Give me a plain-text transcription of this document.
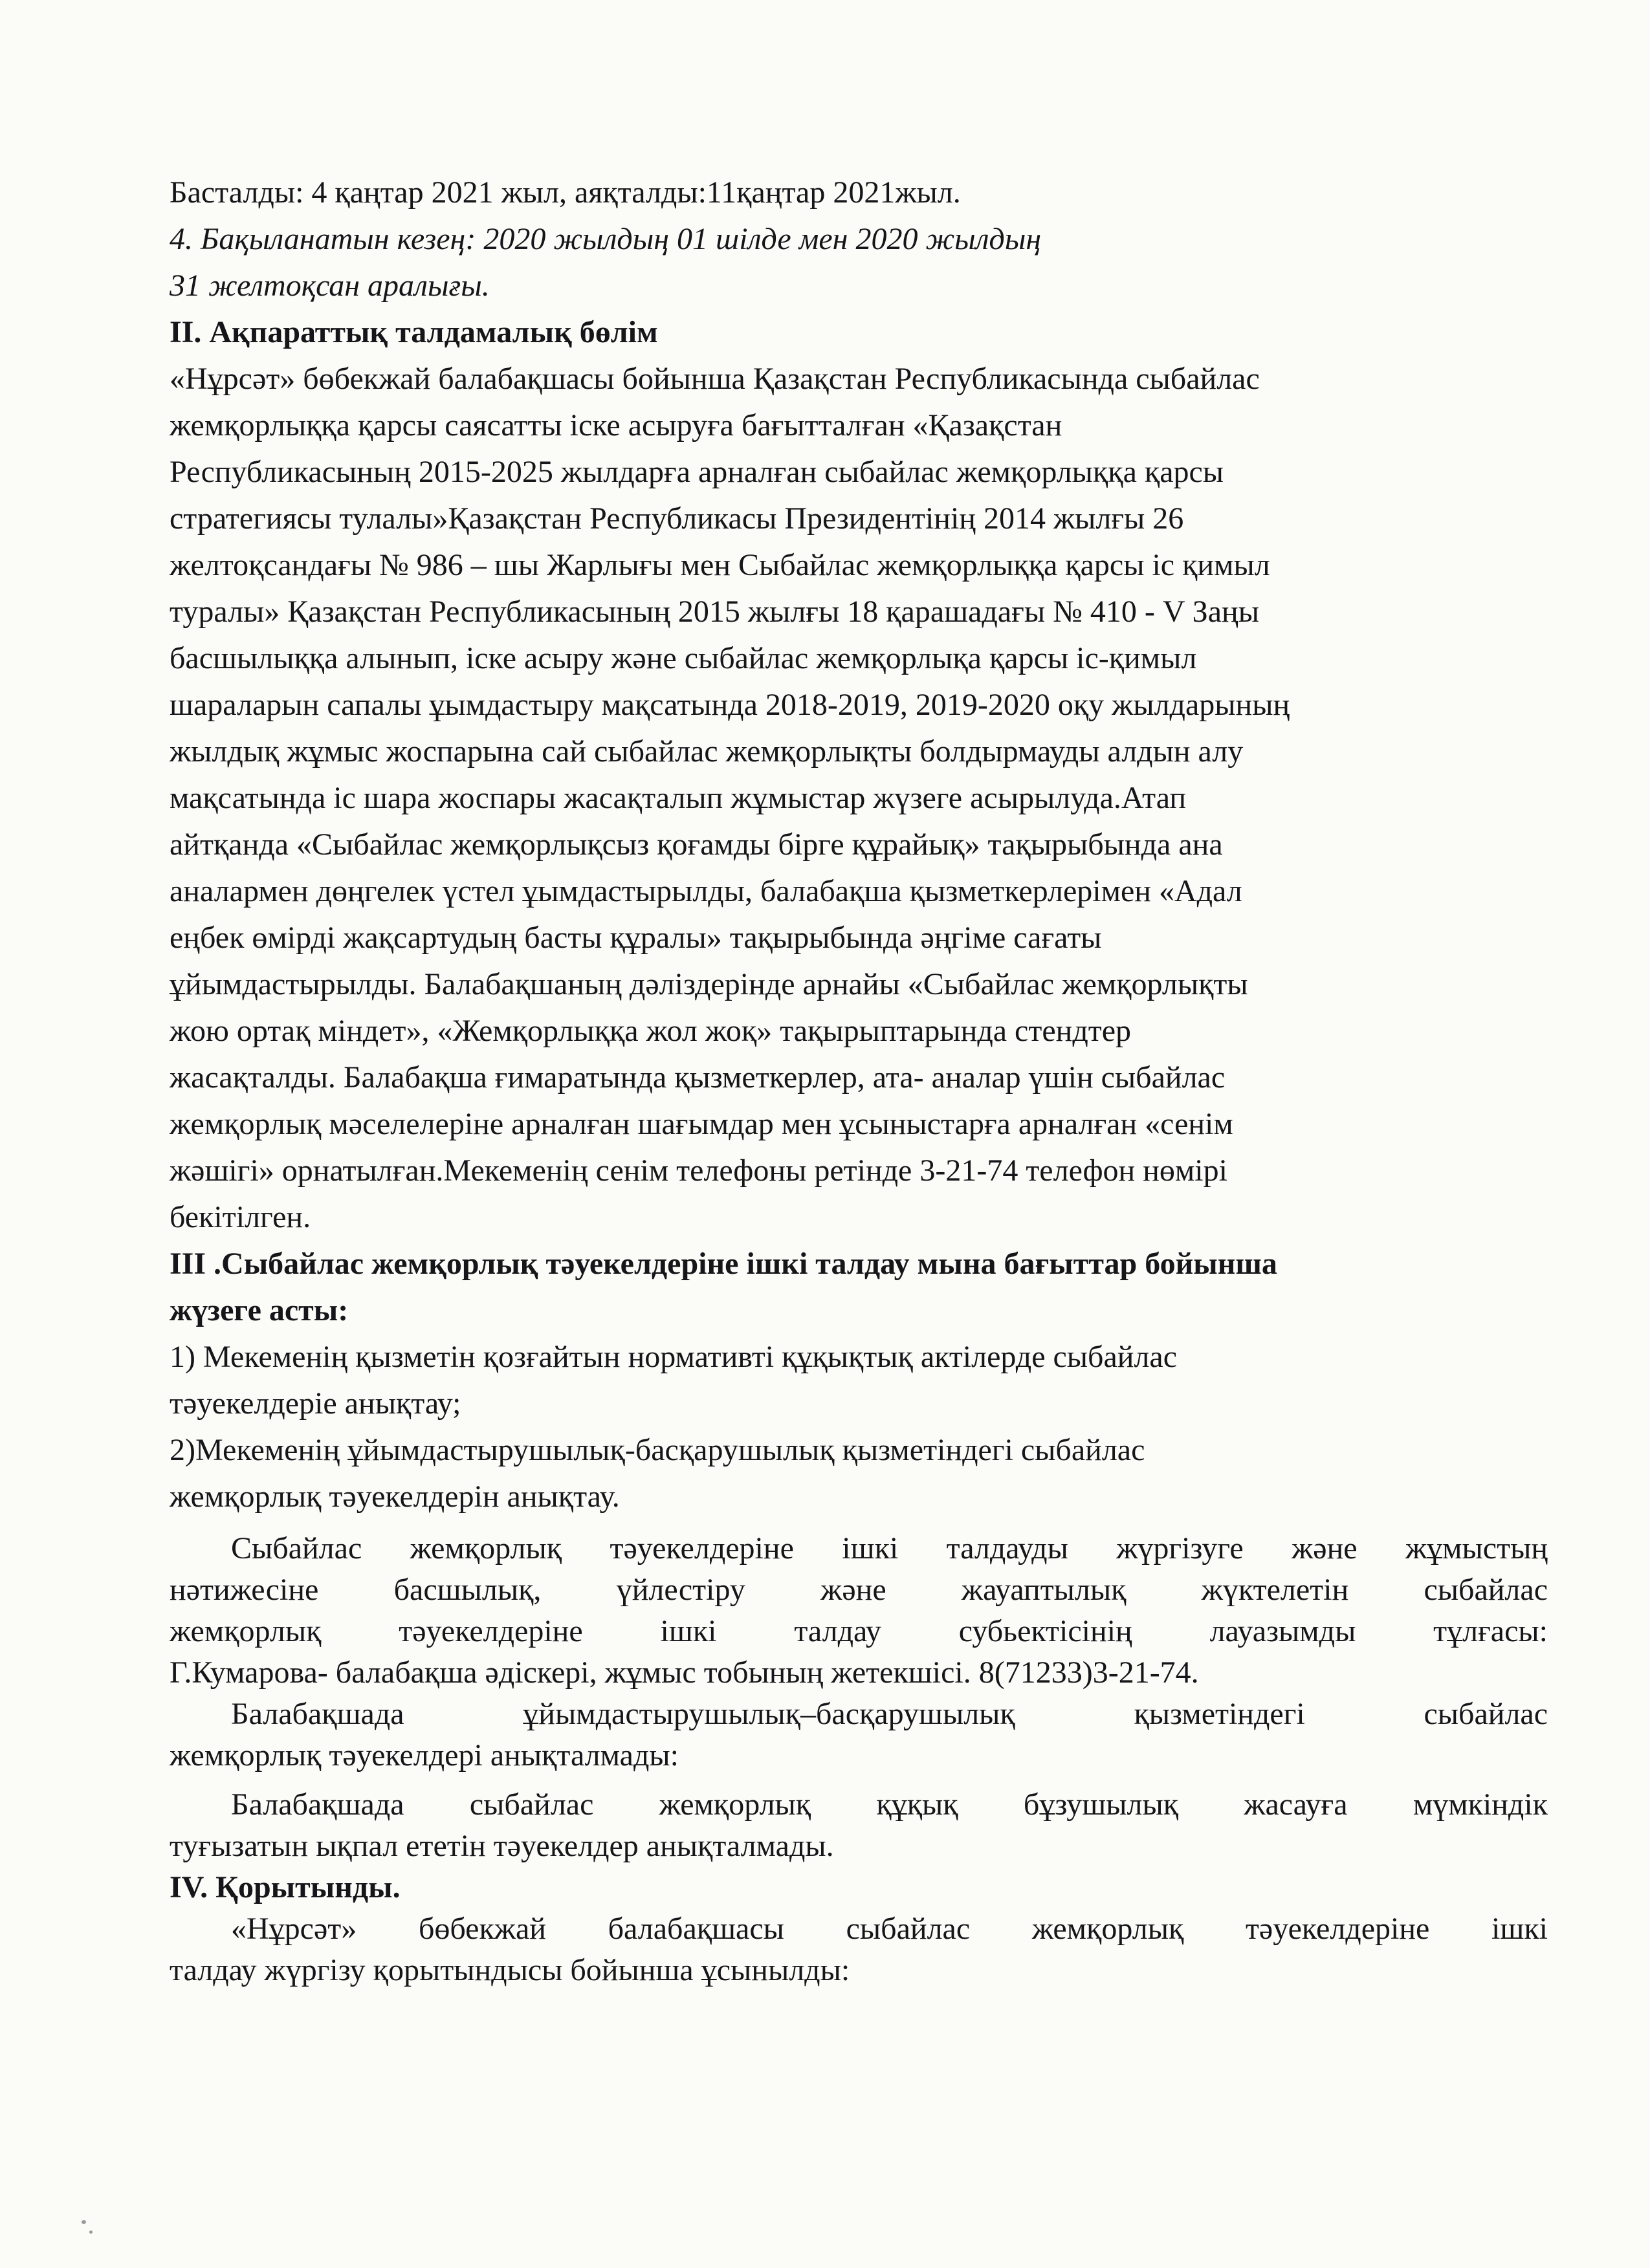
Басталды: 4 қаңтар 2021 жыл, аяқталды:11қаңтар 2021жыл.
4. Бақыланатын кезең: 2020 жылдың 01 шілде мен 2020 жылдың
31 желтоқсан аралығы.
II. Ақпараттық талдамалық бөлім
«Нұрсәт» бөбекжай балабақшасы бойынша Қазақстан Республикасында сыбайлас
жемқорлыққа қарсы саясатты іске асыруға бағытталған «Қазақстан
Республикасының 2015-2025 жылдарға арналған сыбайлас жемқорлыққа қарсы
стратегиясы тулалы»Қазақстан Республикасы Президентінің 2014 жылғы 26
желтоқсандағы № 986 – шы Жарлығы мен Сыбайлас жемқорлыққа қарсы іс қимыл
туралы» Қазақстан Республикасының 2015 жылғы 18 қарашадағы № 410 - V Заңы
басшылыққа алынып, іске асыру және сыбайлас жемқорлықа қарсы іс-қимыл
шараларын сапалы ұымдастыру мақсатында 2018-2019, 2019-2020 оқу жылдарының
жылдық жұмыс жоспарына сай сыбайлас жемқорлықты болдырмауды алдын алу
мақсатында іс шара жоспары жасақталып жұмыстар жүзеге асырылуда.Атап
айтқанда «Сыбайлас жемқорлықсыз қоғамды бірге құрайық» тақырыбында ана
аналармен дөңгелек үстел ұымдастырылды, балабақша қызметкерлерімен «Адал
еңбек өмірді жақсартудың басты құралы» тақырыбында әңгіме сағаты
ұйымдастырылды. Балабақшаның дәліздерінде арнайы «Сыбайлас жемқорлықты
жою ортақ міндет», «Жемқорлыққа жол жоқ» тақырыптарында стендтер
жасақталды. Балабақша ғимаратында қызметкерлер, ата- аналар үшін сыбайлас
жемқорлық мәселелеріне арналған шағымдар мен ұсыныстарға арналған «сенім
жәшігі» орнатылған.Мекеменің сенім телефоны ретінде 3-21-74 телефон нөмірі
бекітілген.
III .Сыбайлас жемқорлық тәуекелдеріне ішкі талдау мына бағыттар бойынша
жүзеге асты:
1) Мекеменің қызметін қозғайтын нормативті құқықтық актілерде сыбайлас
тәуекелдеріе анықтау;
2)Мекеменің ұйымдастырушылық-басқарушылық қызметіндегі сыбайлас
жемқорлық тәуекелдерін анықтау.
Сыбайлас жемқорлық тәуекелдеріне ішкі талдауды жүргізуге және жұмыстың
нәтижесіне басшылық, үйлестіру және жауаптылық жүктелетін сыбайлас
жемқорлық тәуекелдеріне ішкі талдау субьектісінің лауазымды тұлғасы:
Г.Кумарова- балабақша әдіскері, жұмыс тобының жетекшісі. 8(71233)3-21-74.
Балабақшада ұйымдастырушылық–басқарушылық қызметіндегі сыбайлас
жемқорлық тәуекелдері анықталмады:
Балабақшада сыбайлас жемқорлық құқық бұзушылық жасауға мүмкіндік
туғызатын ықпал ететін тәуекелдер анықталмады.
IV. Қорытынды.
«Нұрсәт» бөбекжай балабақшасы сыбайлас жемқорлық тәуекелдеріне ішкі
талдау жүргізу қорытындысы бойынша ұсынылды:
